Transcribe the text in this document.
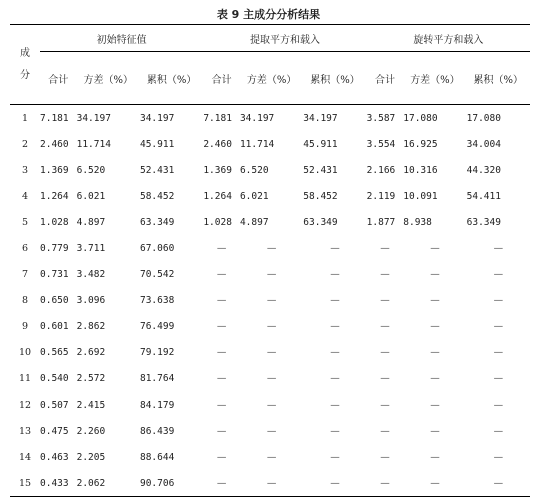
表 9 主成分分析结果
成
分	初始特征值			提取平方和载入			旋转平方和载入		
	合计	方差（%）	累积（%）	合计	方差（%）	累积（%）	合计	方差（%）	累积（%）
1	7.181	34.197	34.197	7.181	34.197	34.197	3.587	17.080	17.080
2	2.460	11.714	45.911	2.460	11.714	45.911	3.554	16.925	34.004
3	1.369	6.520	52.431	1.369	6.520	52.431	2.166	10.316	44.320
4	1.264	6.021	58.452	1.264	6.021	58.452	2.119	10.091	54.411
5	1.028	4.897	63.349	1.028	4.897	63.349	1.877	8.938	63.349
6	0.779	3.711	67.060	—	—	—	—	—	—
7	0.731	3.482	70.542	—	—	—	—	—	—
8	0.650	3.096	73.638	—	—	—	—	—	—
9	0.601	2.862	76.499	—	—	—	—	—	—
10	0.565	2.692	79.192	—	—	—	—	—	—
11	0.540	2.572	81.764	—	—	—	—	—	—
12	0.507	2.415	84.179	—	—	—	—	—	—
13	0.475	2.260	86.439	—	—	—	—	—	—
14	0.463	2.205	88.644	—	—	—	—	—	—
15	0.433	2.062	90.706	—	—	—	—	—	—
